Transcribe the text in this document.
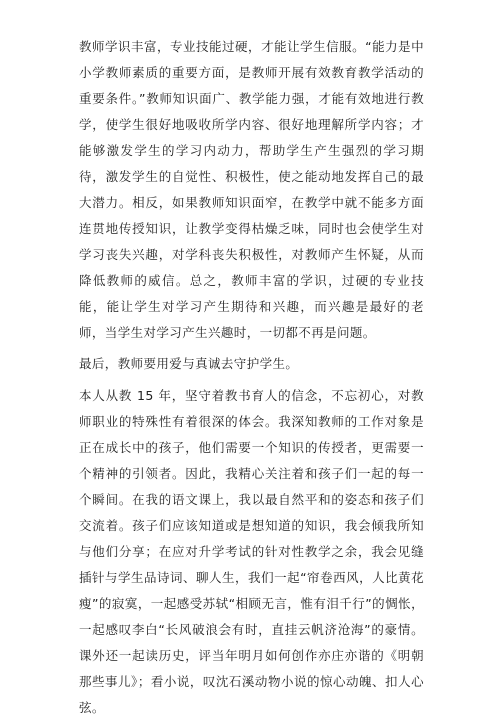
教师学识丰富，专业技能过硬，才能让学生信服。“能力是中小学教师素质的重要方面，是教师开展有效教育教学活动的重要条件。”教师知识面广、教学能力强，才能有效地进行教学，使学生很好地吸收所学内容、很好地理解所学内容；才能够激发学生的学习内动力，帮助学生产生强烈的学习期待，激发学生的自觉性、积极性，使之能动地发挥自己的最大潜力。相反，如果教师知识面窄，在教学中就不能多方面连贯地传授知识，让教学变得枯燥乏味，同时也会使学生对学习丧失兴趣，对学科丧失积极性，对教师产生怀疑，从而降低教师的威信。总之，教师丰富的学识，过硬的专业技能，能让学生对学习产生期待和兴趣，而兴趣是最好的老师，当学生对学习产生兴趣时，一切都不再是问题。

最后，教师要用爱与真诚去守护学生。

本人从教 15 年，坚守着教书育人的信念，不忘初心，对教师职业的特殊性有着很深的体会。我深知教师的工作对象是正在成长中的孩子，他们需要一个知识的传授者，更需要一个精神的引领者。因此，我精心关注着和孩子们一起的每一个瞬间。在我的语文课上，我以最自然平和的姿态和孩子们交流着。孩子们应该知道或是想知道的知识，我会倾我所知与他们分享；在应对升学考试的针对性教学之余，我会见缝插针与学生品诗词、聊人生，我们一起“帘卷西风，人比黄花瘦”的寂寞，一起感受苏轼“相顾无言，惟有泪千行”的惆怅，一起感叹李白“长风破浪会有时，直挂云帆济沧海”的豪情。课外还一起读历史，评当年明月如何创作亦庄亦谐的《明朝那些事儿》；看小说，叹沈石溪动物小说的惊心动魄、扣人心弦。
